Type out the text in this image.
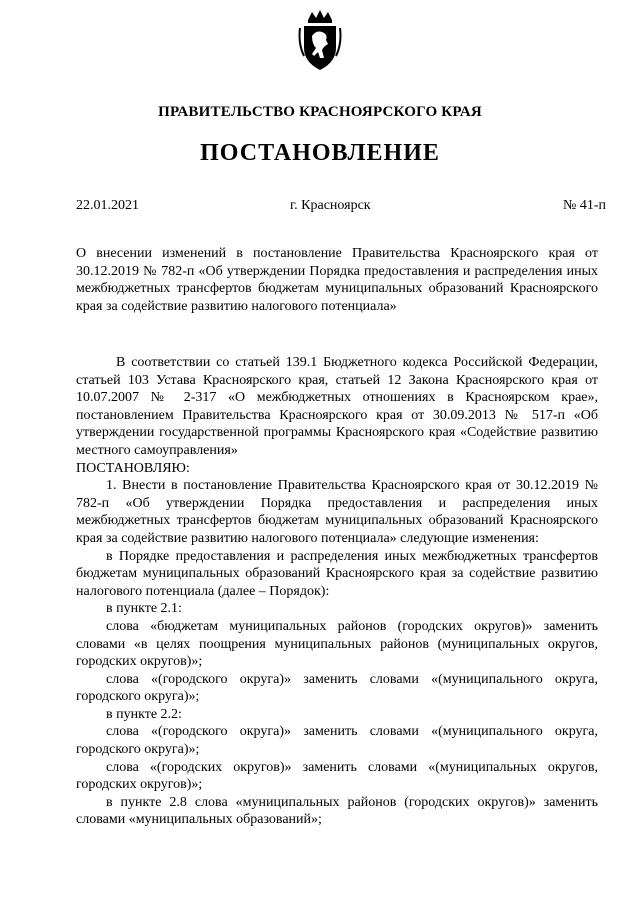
ПРАВИТЕЛЬСТВО КРАСНОЯРСКОГО КРАЯ
ПОСТАНОВЛЕНИЕ
22.01.2021	г. Красноярск	№ 41-п

О внесении изменений в постановление Правительства Красноярского края от 30.12.2019 № 782-п «Об утверждении Порядка предоставления и распределения иных межбюджетных трансфертов бюджетам муниципальных образований Красноярского края за содействие развитию налогового потенциала»

В соответствии со статьей 139.1 Бюджетного кодекса Российской Федерации, статьей 103 Устава Красноярского края, статьей 12 Закона Красноярского края от 10.07.2007 № 2-317 «О межбюджетных отношениях в Красноярском крае», постановлением Правительства Красноярского края от 30.09.2013 № 517-п «Об утверждении государственной программы Красноярского края «Содействие развитию местного самоуправления»

ПОСТАНОВЛЯЮ:

1. Внести в постановление Правительства Красноярского края от 30.12.2019 № 782-п «Об утверждении Порядка предоставления и распределения иных межбюджетных трансфертов бюджетам муниципальных образований Красноярского края за содействие развитию налогового потенциала» следующие изменения:

в Порядке предоставления и распределения иных межбюджетных трансфертов бюджетам муниципальных образований Красноярского края за содействие развитию налогового потенциала (далее – Порядок):

в пункте 2.1:

слова «бюджетам муниципальных районов (городских округов)» заменить словами «в целях поощрения муниципальных районов (муниципальных округов, городских округов)»;

слова «(городского округа)» заменить словами «(муниципального округа, городского округа)»;

в пункте 2.2:

слова «(городского округа)» заменить словами «(муниципального округа, городского округа)»;

слова «(городских округов)» заменить словами «(муниципальных округов, городских округов)»;

в пункте 2.8 слова «муниципальных районов (городских округов)» заменить словами «муниципальных образований»;
